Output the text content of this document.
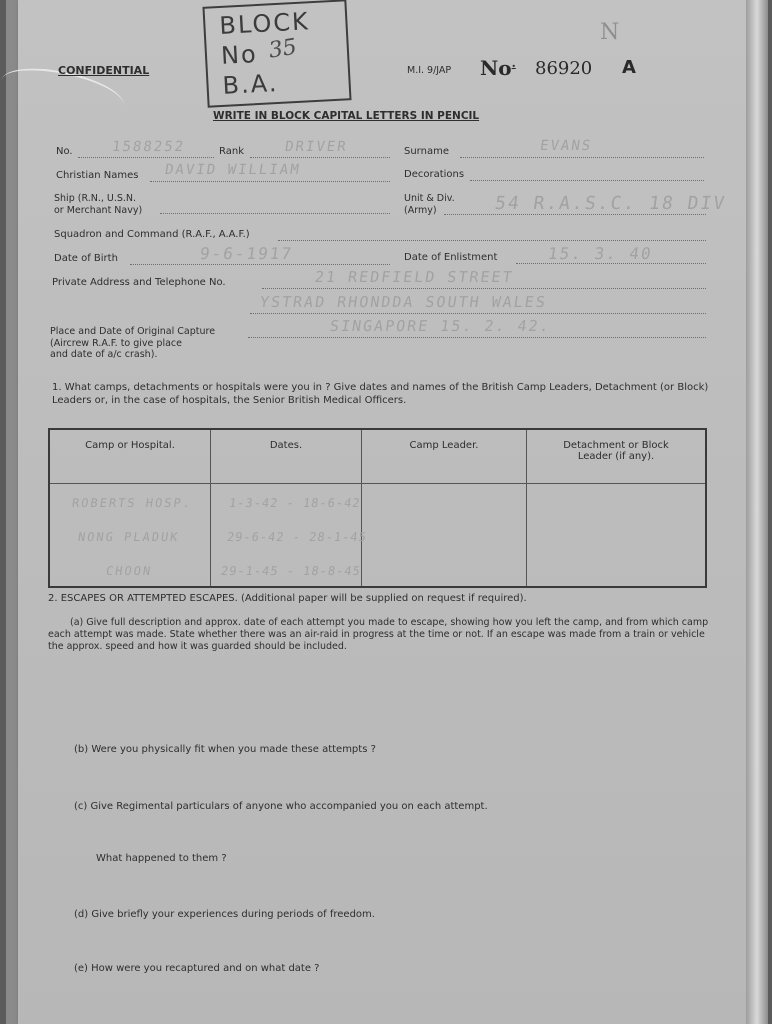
BLOCK
No 35
B.A.
CONFIDENTIAL	M.I. 9/JAP No. 86920 A
N
WRITE IN BLOCK CAPITAL LETTERS IN PENCIL
No.	1588252	Rank	DRIVER	Surname	EVANS
Christian Names DAVID WILLIAM	Decorations
Ship (R.N., U.S.N.
or Merchant Navy)
Unit & Div.
(Army)	54 R.A.S.C. 18 DIV
Squadron and Command (R.A.F., A.A.F.)
Date of Birth	9-6-1917	Date of Enlistment	15. 3. 40
Private Address and Telephone No.	21 REDFIELD STREET
YSTRAD RHONDDA SOUTH WALES
Place and Date of Original Capture
(Aircrew R.A.F. to give place
and date of a/c crash).
SINGAPORE 15. 2. 42.
1. What camps, detachments or hospitals were you in ? Give dates and names of the British Camp Leaders, Detachment (or Block) Leaders or, in the case of hospitals, the Senior British Medical Officers.
Camp or Hospital.	Dates.	Camp Leader.	Detachment or Block Leader (if any).
ROBERTS HOSP.	1-3-42 - 18-6-42		
NONG PLADUK	29-6-42 - 28-1-45		
CHOON	29-1-45 - 18-8-45		
2. ESCAPES OR ATTEMPTED ESCAPES. (Additional paper will be supplied on request if required).
(a) Give full description and approx. date of each attempt you made to escape, showing how you left the camp, and from which camp each attempt was made. State whether there was an air-raid in progress at the time or not. If an escape was made from a train or vehicle the approx. speed and how it was guarded should be included.
(b) Were you physically fit when you made these attempts ?
(c) Give Regimental particulars of anyone who accompanied you on each attempt.
What happened to them ?
(d) Give briefly your experiences during periods of freedom.
(e) How were you recaptured and on what date ?
